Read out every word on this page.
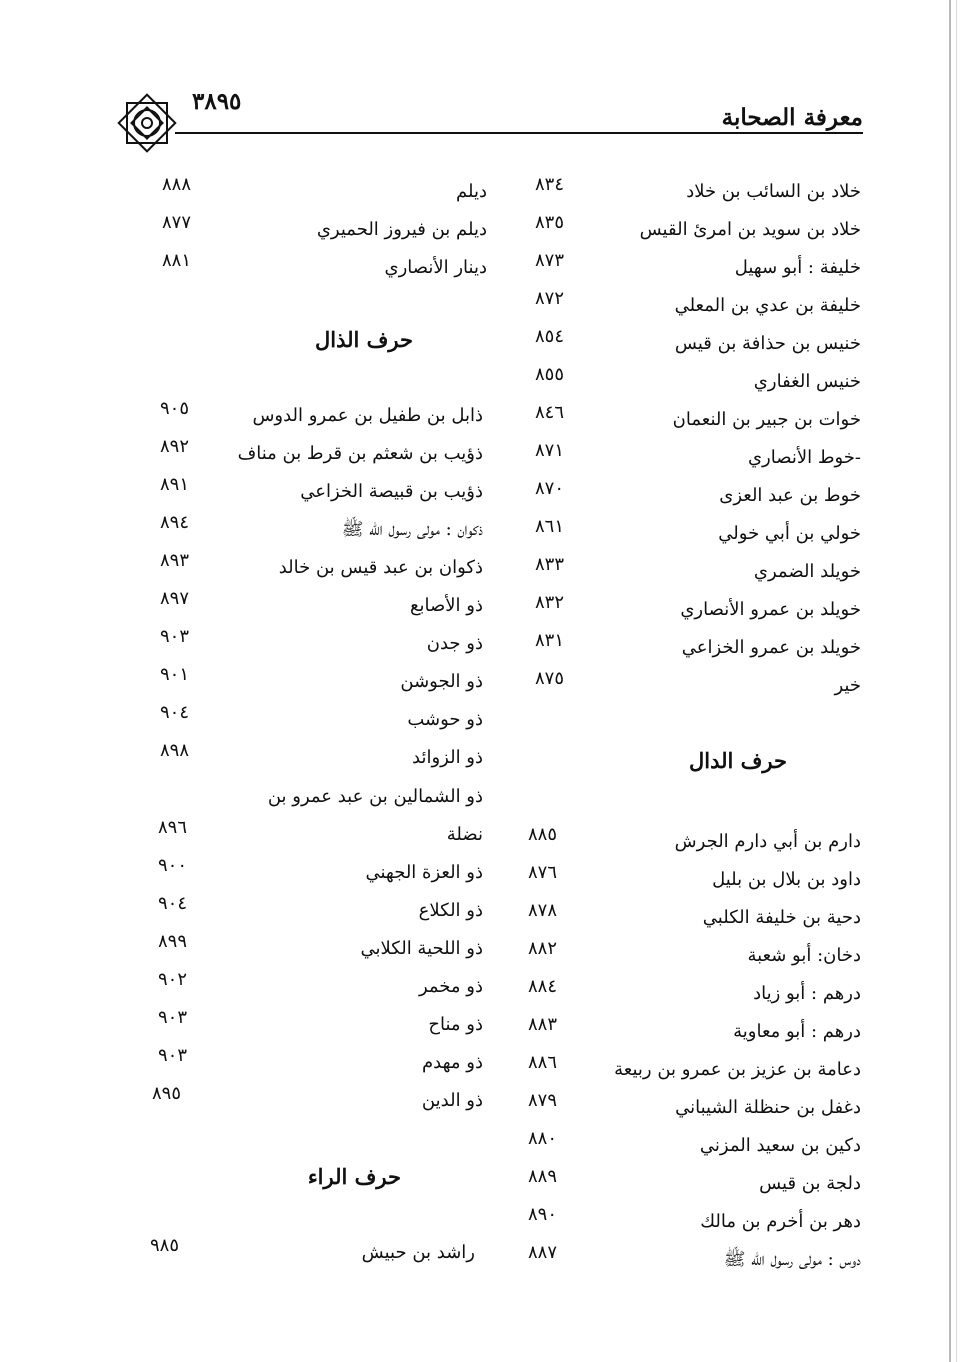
معرفة الصحابة
٣٨٩٥
خلاد بن السائب بن خلاد
٨٣٤
خلاد بن سويد بن امرئ القيس
٨٣٥
خليفة : أبو سهيل
٨٧٣
خليفة بن عدي بن المعلي
٨٧٢
خنيس بن حذافة بن قيس
٨٥٤
خنيس الغفاري
٨٥٥
خوات بن جبير بن النعمان
٨٤٦
-خوط الأنصاري
٨٧١
خوط بن عبد العزى
٨٧٠
خولي بن أبي خولي
٨٦١
خويلد الضمري
٨٣٣
خويلد بن عمرو الأنصاري
٨٣٢
خويلد بن عمرو الخزاعي
٨٣١
خير
٨٧٥
حرف الدال
دارم بن أبي دارم الجرش
٨٨٥
داود بن بلال بن بليل
٨٧٦
دحية بن خليفة الكلبي
٨٧٨
دخان: أبو شعبة
٨٨٢
درهم : أبو زياد
٨٨٤
درهم : أبو معاوية
٨٨٣
دعامة بن عزيز بن عمرو بن ربيعة
٨٨٦
دغفل بن حنظلة الشيباني
٨٧٩
دكين بن سعيد المزني
٨٨٠
دلجة بن قيس
٨٨٩
دهر بن أخرم بن مالك
٨٩٠
دوس : مولى رسول الله ﷺ
٨٨٧
ديلم
٨٨٨
ديلم بن فيروز الحميري
٨٧٧
دينار الأنصاري
٨٨١
حرف الذال
ذابل بن طفيل بن عمرو الدوس
٩٠٥
ذؤيب بن شعثم بن قرط بن مناف
٨٩٢
ذؤيب بن قبيصة الخزاعي
٨٩١
ذكوان : مولى رسول الله ﷺ
٨٩٤
ذكوان بن عبد قيس بن خالد
٨٩٣
ذو الأصابع
٨٩٧
ذو جدن
٩٠٣
ذو الجوشن
٩٠١
ذو حوشب
٩٠٤
ذو الزوائد
٨٩٨
ذو الشمالين بن عبد عمرو بن
نضلة
٨٩٦
ذو العزة الجهني
٩٠٠
ذو الكلاع
٩٠٤
ذو اللحية الكلابي
٨٩٩
ذو مخمر
٩٠٢
ذو مناح
٩٠٣
ذو مهدم
٩٠٣
ذو الدين
٨٩٥
حرف الراء
راشد بن حبيش
٩٨٥
